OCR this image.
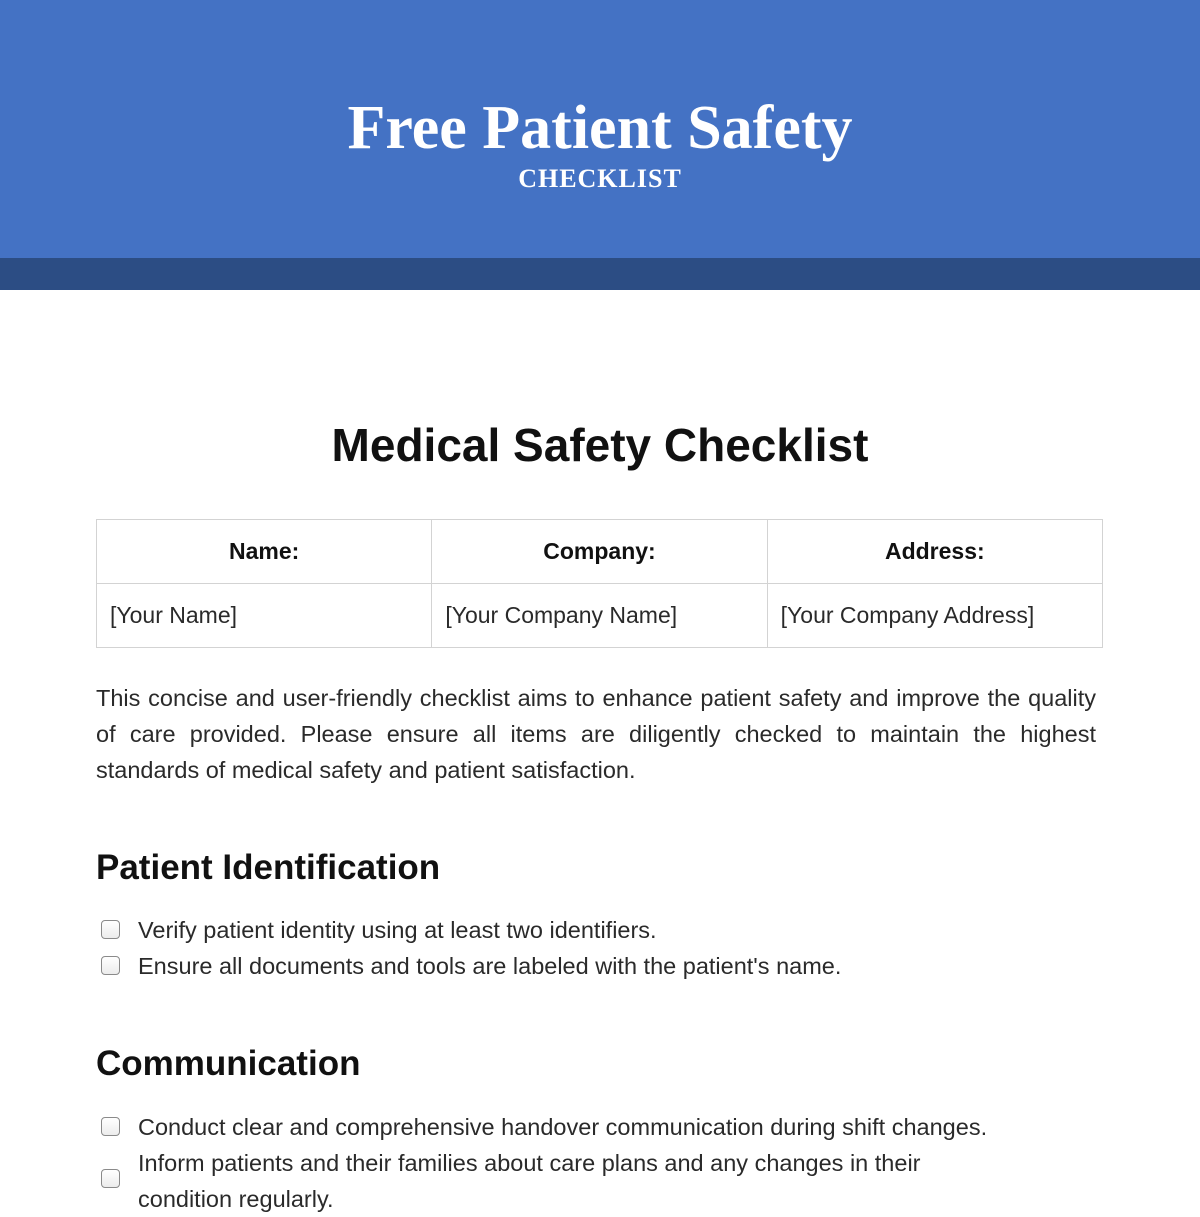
Free Patient Safety
CHECKLIST
Medical Safety Checklist
Name:	Company:	Address:
[Your Name]	[Your Company Name]	[Your Company Address]

This concise and user-friendly checklist aims to enhance patient safety and improve the quality of care provided. Please ensure all items are diligently checked to maintain the highest standards of medical safety and patient satisfaction.

Patient Identification
Verify patient identity using at least two identifiers.
Ensure all documents and tools are labeled with the patient's name.
Communication
Conduct clear and comprehensive handover communication during shift changes.
Inform patients and their families about care plans and any changes in their condition regularly.
